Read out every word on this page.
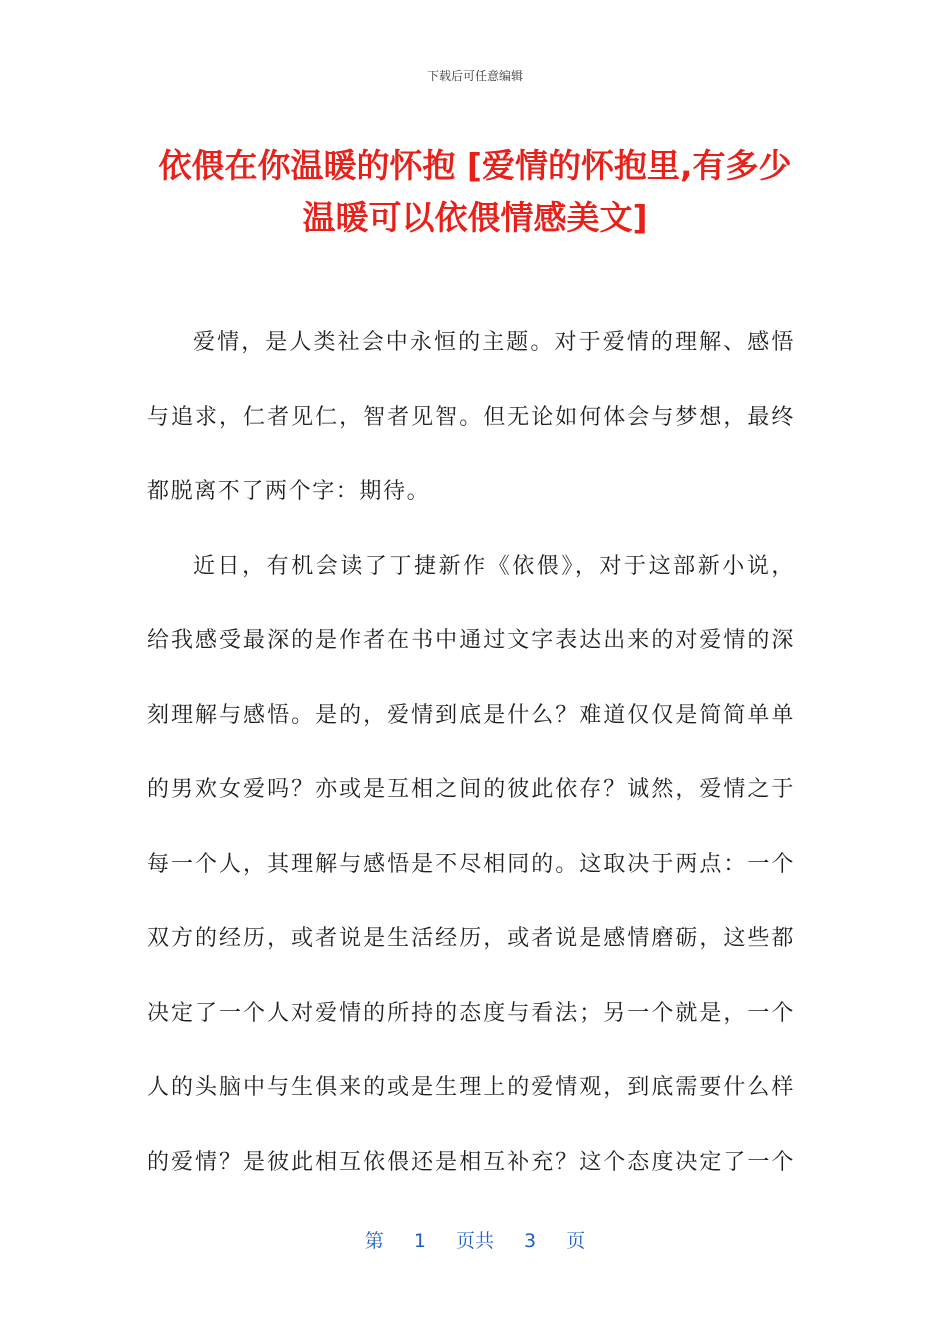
下载后可任意编辑
依偎在你温暖的怀抱 [爱情的怀抱里,有多少
温暖可以依偎情感美文]
爱情，是人类社会中永恒的主题。对于爱情的理解、感悟
与追求，仁者见仁，智者见智。但无论如何体会与梦想，最终
都脱离不了两个字：期待。
近日，有机会读了丁捷新作《依偎》，对于这部新小说，
给我感受最深的是作者在书中通过文字表达出来的对爱情的深
刻理解与感悟。是的，爱情到底是什么？难道仅仅是简简单单
的男欢女爱吗？亦或是互相之间的彼此依存？诚然，爱情之于
每一个人，其理解与感悟是不尽相同的。这取决于两点：一个
双方的经历，或者说是生活经历，或者说是感情磨砺，这些都
决定了一个人对爱情的所持的态度与看法；另一个就是，一个
人的头脑中与生俱来的或是生理上的爱情观，到底需要什么样
的爱情？是彼此相互依偎还是相互补充？这个态度决定了一个
第 1 页共 3 页
